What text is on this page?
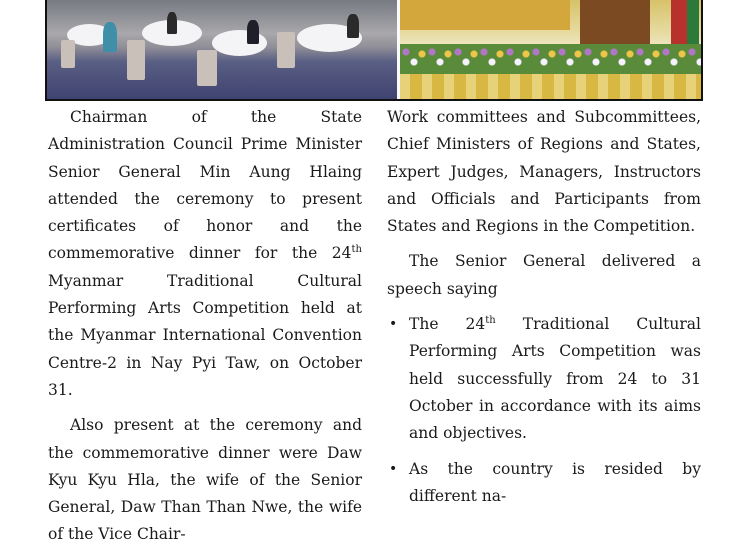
Chairman of the State Administration Council Prime Minister Senior General Min Aung Hlaing attended the ceremony to present certificates of honor and the commemorative dinner for the 24th Myanmar Traditional Cultural Performing Arts Competition held at the Myanmar International Convention Centre-2 in Nay Pyi Taw, on October 31.

Also present at the ceremony and the commemorative dinner were Daw Kyu Kyu Hla, the wife of the Senior General, Daw Than Than Nwe, the wife of the Vice Chair-

Work committees and Subcommittees, Chief Ministers of Regions and States, Expert Judges, Managers, Instructors and Officials and Participants from States and Regions in the Competition.

The Senior General delivered a speech saying

• The 24th Traditional Cultural Performing Arts Competition was held successfully from 24 to 31 October in accordance with its aims and objectives.
• As the country is resided by different na-
